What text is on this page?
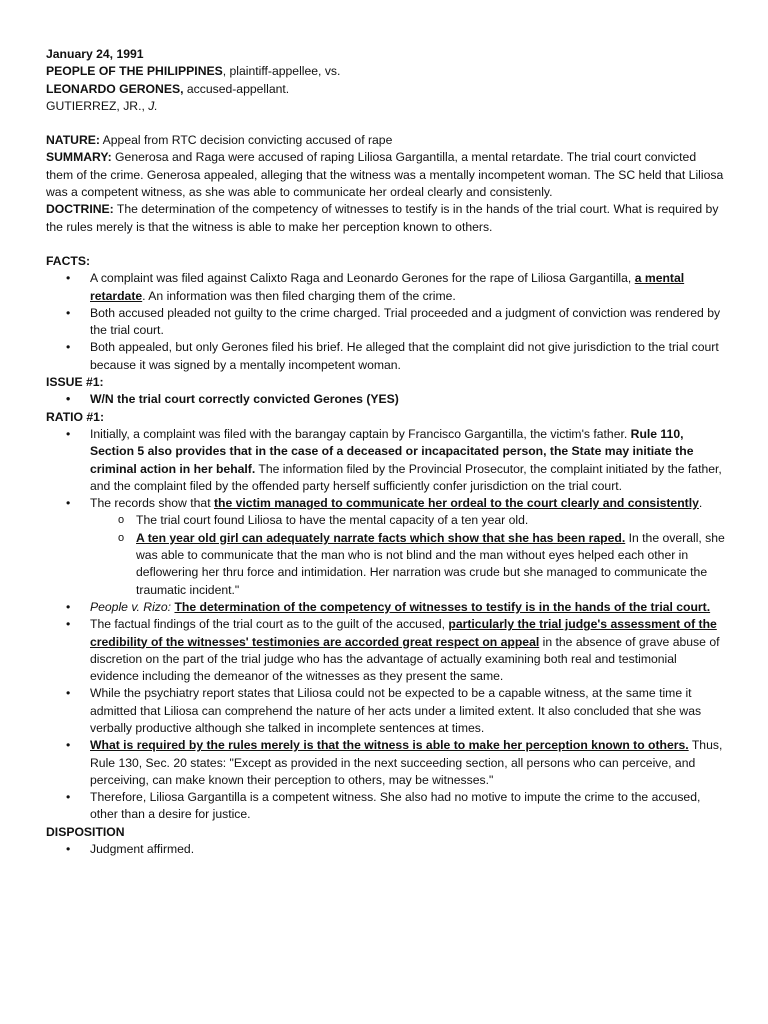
January 24, 1991

PEOPLE OF THE PHILIPPINES, plaintiff-appellee, vs.

LEONARDO GERONES, accused-appellant.

GUTIERREZ, JR., J.

NATURE: Appeal from RTC decision convicting accused of rape

SUMMARY: Generosa and Raga were accused of raping Liliosa Gargantilla, a mental retardate. The trial court convicted them of the crime. Generosa appealed, alleging that the witness was a mentally incompetent woman. The SC held that Liliosa was a competent witness, as she was able to communicate her ordeal clearly and consistenly.

DOCTRINE: The determination of the competency of witnesses to testify is in the hands of the trial court. What is required by the rules merely is that the witness is able to make her perception known to others.

FACTS:

• A complaint was filed against Calixto Raga and Leonardo Gerones for the rape of Liliosa Gargantilla, a mental retardate. An information was then filed charging them of the crime.
• Both accused pleaded not guilty to the crime charged. Trial proceeded and a judgment of conviction was rendered by the trial court.
• Both appealed, but only Gerones filed his brief. He alleged that the complaint did not give jurisdiction to the trial court because it was signed by a mentally incompetent woman.

ISSUE #1:

• W/N the trial court correctly convicted Gerones (YES)

RATIO #1:

• Initially, a complaint was filed with the barangay captain by Francisco Gargantilla, the victim's father. Rule 110, Section 5 also provides that in the case of a deceased or incapacitated person, the State may initiate the criminal action in her behalf. The information filed by the Provincial Prosecutor, the complaint initiated by the father, and the complaint filed by the offended party herself sufficiently confer jurisdiction on the trial court.
• The records show that the victim managed to communicate her ordeal to the court clearly and consistently.
o The trial court found Liliosa to have the mental capacity of a ten year old.
o A ten year old girl can adequately narrate facts which show that she has been raped. In the overall, she was able to communicate that the man who is not blind and the man without eyes helped each other in deflowering her thru force and intimidation. Her narration was crude but she managed to communicate the traumatic incident."
• People v. Rizo: The determination of the competency of witnesses to testify is in the hands of the trial court.
• The factual findings of the trial court as to the guilt of the accused, particularly the trial judge's assessment of the credibility of the witnesses' testimonies are accorded great respect on appeal in the absence of grave abuse of discretion on the part of the trial judge who has the advantage of actually examining both real and testimonial evidence including the demeanor of the witnesses as they present the same.
• While the psychiatry report states that Liliosa could not be expected to be a capable witness, at the same time it admitted that Liliosa can comprehend the nature of her acts under a limited extent. It also concluded that she was verbally productive although she talked in incomplete sentences at times.
• What is required by the rules merely is that the witness is able to make her perception known to others. Thus, Rule 130, Sec. 20 states: "Except as provided in the next succeeding section, all persons who can perceive, and perceiving, can make known their perception to others, may be witnesses."
• Therefore, Liliosa Gargantilla is a competent witness. She also had no motive to impute the crime to the accused, other than a desire for justice.

DISPOSITION

• Judgment affirmed.
